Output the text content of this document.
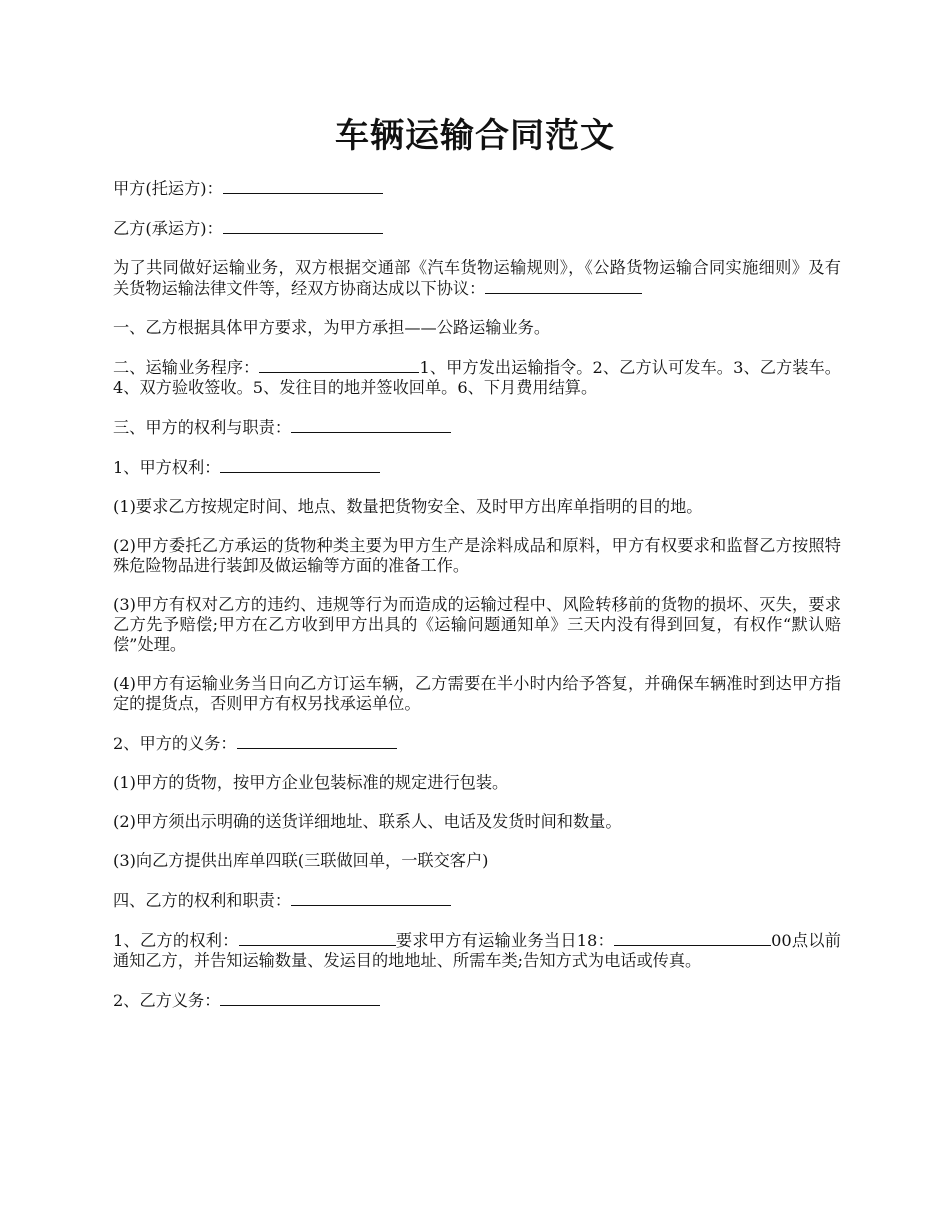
车辆运输合同范文

甲方(托运方)：

乙方(承运方)：

为了共同做好运输业务，双方根据交通部《汽车货物运输规则》，《公路货物运输合同实施细则》及有关货物运输法律文件等，经双方协商达成以下协议：

一、乙方根据具体甲方要求，为甲方承担——公路运输业务。

二、运输业务程序：	1、甲方发出运输指令。2、乙方认可发车。3、乙方装车。4、双方验收签收。5、发往目的地并签收回单。6、下月费用结算。

三、甲方的权利与职责：

1、甲方权利：

(1)要求乙方按规定时间、地点、数量把货物安全、及时甲方出库单指明的目的地。

(2)甲方委托乙方承运的货物种类主要为甲方生产是涂料成品和原料，甲方有权要求和监督乙方按照特殊危险物品进行装卸及做运输等方面的准备工作。

(3)甲方有权对乙方的违约、违规等行为而造成的运输过程中、风险转移前的货物的损坏、灭失，要求乙方先予赔偿;甲方在乙方收到甲方出具的《运输问题通知单》三天内没有得到回复，有权作“默认赔偿”处理。

(4)甲方有运输业务当日向乙方订运车辆，乙方需要在半小时内给予答复，并确保车辆准时到达甲方指定的提货点，否则甲方有权另找承运单位。

2、甲方的义务：

(1)甲方的货物，按甲方企业包装标准的规定进行包装。

(2)甲方须出示明确的送货详细地址、联系人、电话及发货时间和数量。

(3)向乙方提供出库单四联(三联做回单，一联交客户)

四、乙方的权利和职责：

1、乙方的权利：	要求甲方有运输业务当日18：	00点以前通知乙方，并告知运输数量、发运目的地地址、所需车类;告知方式为电话或传真。

2、乙方义务：
